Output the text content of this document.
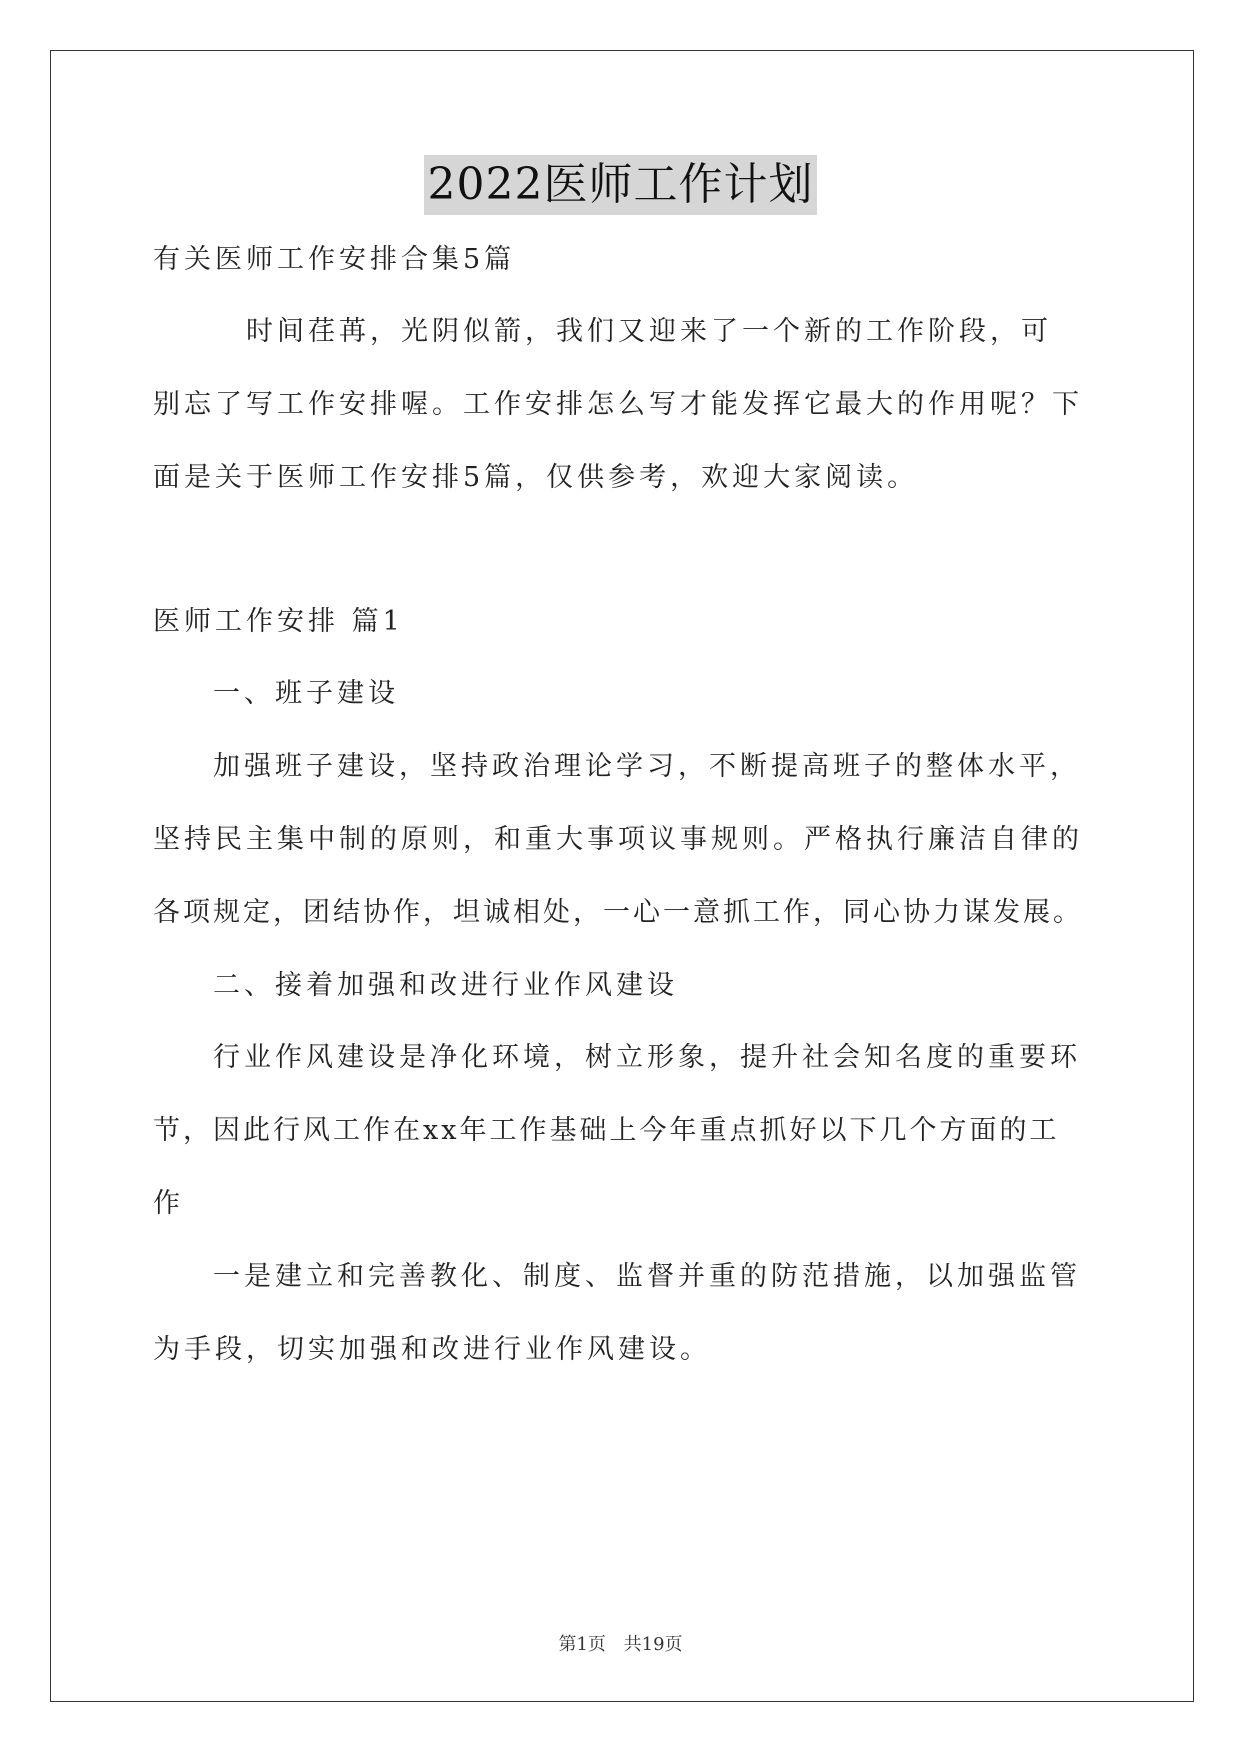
2022医师工作计划
有关医师工作安排合集5篇
时间荏苒，光阴似箭，我们又迎来了一个新的工作阶段，可
别忘了写工作安排喔。工作安排怎么写才能发挥它最大的作用呢？下
面是关于医师工作安排5篇，仅供参考，欢迎大家阅读。
医师工作安排 篇1
一、班子建设
加强班子建设，坚持政治理论学习，不断提高班子的整体水平，
坚持民主集中制的原则，和重大事项议事规则。严格执行廉洁自律的
各项规定，团结协作，坦诚相处，一心一意抓工作，同心协力谋发展。
二、接着加强和改进行业作风建设
行业作风建设是净化环境，树立形象，提升社会知名度的重要环
节，因此行风工作在xx年工作基础上今年重点抓好以下几个方面的工
作
一是建立和完善教化、制度、监督并重的防范措施，以加强监管
为手段，切实加强和改进行业作风建设。
第1页 共19页
